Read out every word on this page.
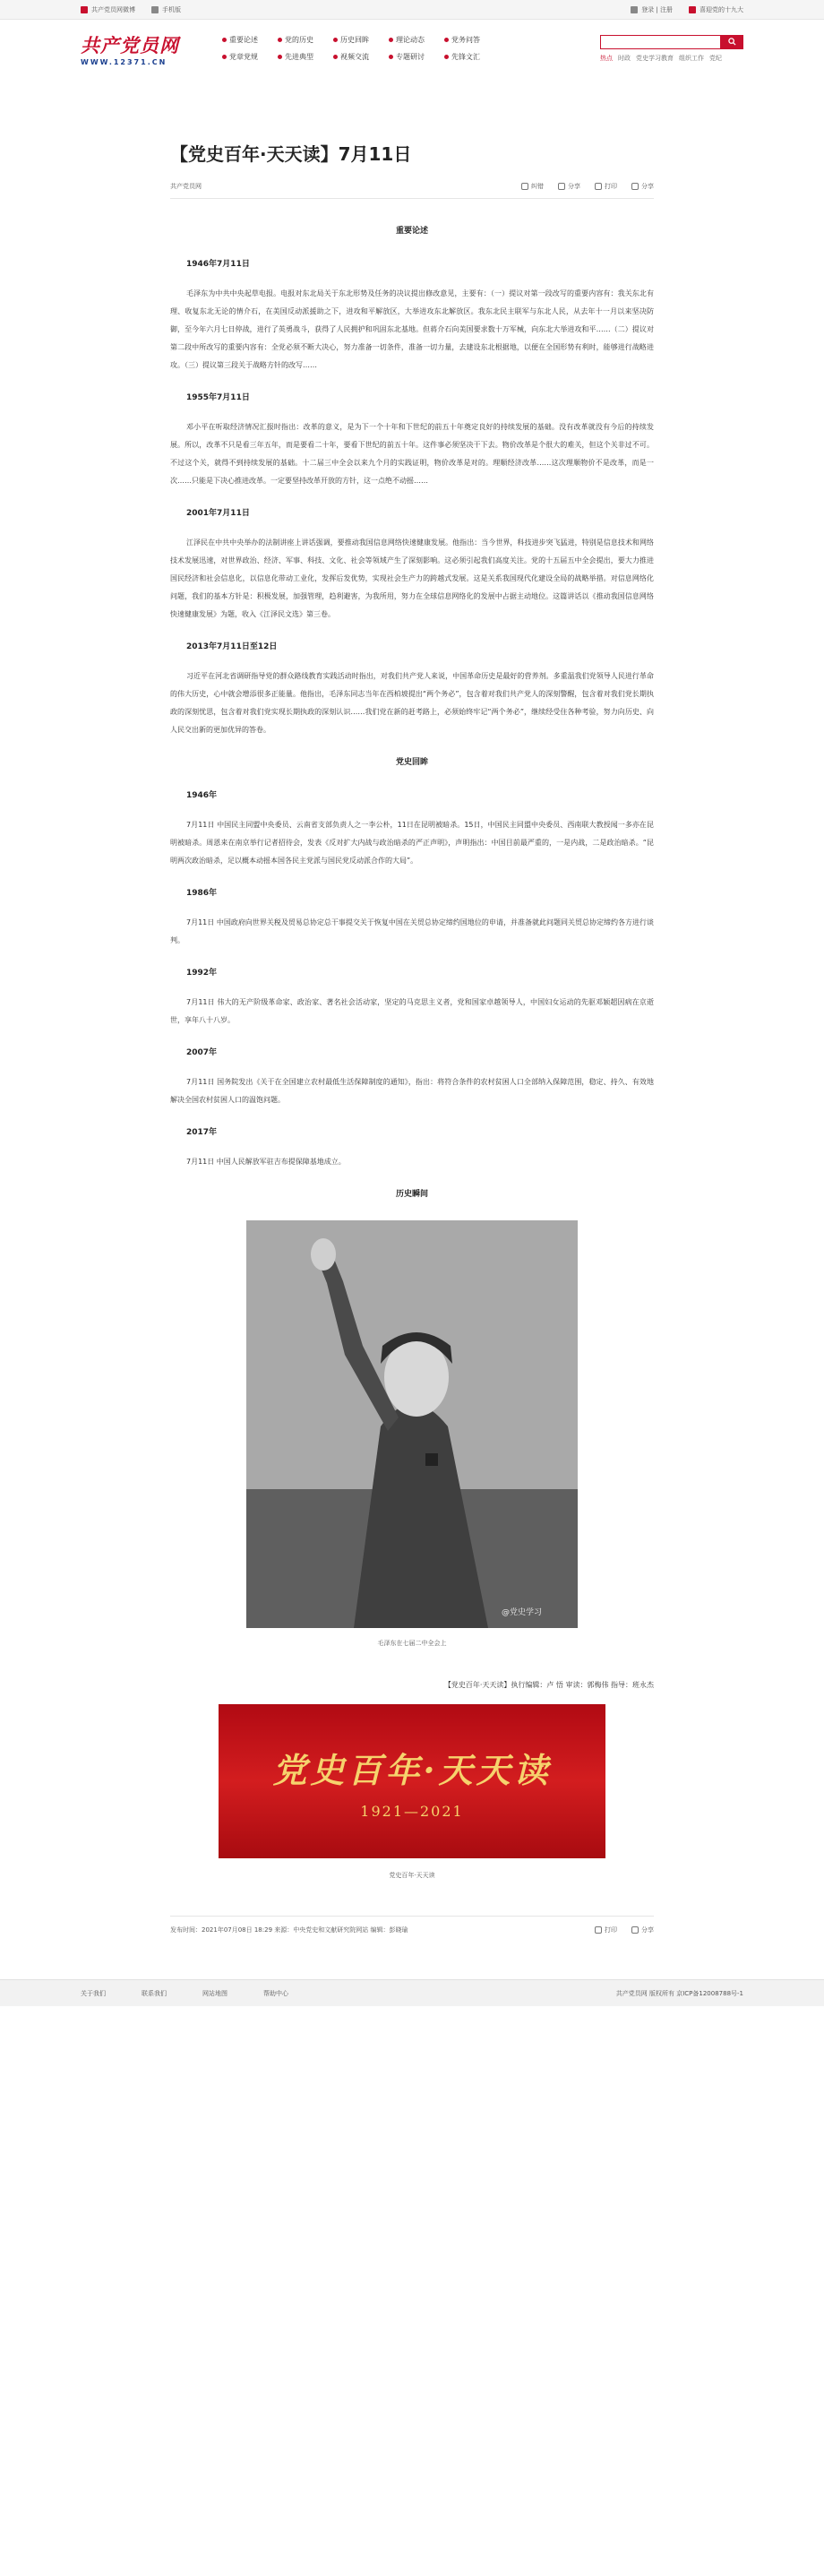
共产党员网微博	手机版	登录 | 注册	喜迎党的十九大
共产党员网
WWW.12371.CN
重要论述	党的历史	历史回眸	理论动态	党务问答
党章党规	先进典型	视频交流	专题研讨	先锋文汇	热点 时政 党史学习教育 组织工作 党纪
【党史百年·天天读】7月11日
共产党员网	纠错	分享	打印	分享
重要论述
1946年7月11日

毛泽东为中共中央起草电报。电报对东北局关于东北形势及任务的决议提出修改意见，主要有：（一）提议对第一段改写的重要内容有：我关东北有理、收复东北无论的情介石，在美国反动派援助之下，进攻和平解放区，大举进攻东北解放区。我东北民主联军与东北人民，从去年十一月以来坚决防御，至今年六月七日停战，进行了英勇战斗，获得了人民拥护和巩固东北基地。但蒋介石向美国要求数十万军械，向东北大举进攻和平……（二）提议对第二段中所改写的重要内容有：全党必须不断大决心，努力准备一切条件，准备一切力量，去建设东北根据地，以便在全国形势有利时，能够进行战略进攻。（三）提议第三段关于战略方针的改写……

1955年7月11日

邓小平在听取经济情况汇报时指出：改革的意义，是为下一个十年和下世纪的前五十年奠定良好的持续发展的基础。没有改革就没有今后的持续发展。所以，改革不只是看三年五年，而是要看二十年，要看下世纪的前五十年。这件事必须坚决干下去。物价改革是个很大的难关，但这个关非过不可。不过这个关，就得不到持续发展的基础。十二届三中全会以来九个月的实践证明，物价改革是对的。理顺经济改革……这次理顺物价不是改革，而是一次……只能是下决心推进改革。一定要坚持改革开放的方针，这一点绝不动摇……

2001年7月11日

江泽民在中共中央举办的法制讲座上讲话强调，要推动我国信息网络快速健康发展。他指出：当今世界，科技进步突飞猛进，特别是信息技术和网络技术发展迅速，对世界政治、经济、军事、科技、文化、社会等领域产生了深刻影响。这必须引起我们高度关注。党的十五届五中全会提出，要大力推进国民经济和社会信息化，以信息化带动工业化，发挥后发优势，实现社会生产力的跨越式发展。这是关系我国现代化建设全局的战略举措。对信息网络化问题，我们的基本方针是：积极发展，加强管理，趋利避害，为我所用，努力在全球信息网络化的发展中占据主动地位。这篇讲话以《推动我国信息网络快速健康发展》为题，收入《江泽民文选》第三卷。

2013年7月11日至12日

习近平在河北省调研指导党的群众路线教育实践活动时指出，对我们共产党人来说，中国革命历史是最好的营养剂。多重温我们党领导人民进行革命的伟大历史，心中就会增添很多正能量。他指出，毛泽东同志当年在西柏坡提出“两个务必”，包含着对我们共产党人的深刻警醒，包含着对我们党长期执政的深刻忧思，包含着对我们党实现长期执政的深刻认识……我们党在新的赶考路上，必须始终牢记“两个务必”，继续经受住各种考验，努力向历史、向人民交出新的更加优异的答卷。

党史回眸
1946年

7月11日 中国民主同盟中央委员、云南省支部负责人之一李公朴，11日在昆明被暗杀。15日，中国民主同盟中央委员、西南联大教授闻一多亦在昆明被暗杀。周恩来在南京举行记者招待会，发表《反对扩大内战与政治暗杀的严正声明》，声明指出：中国目前最严重的，一是内战，二是政治暗杀。“昆明两次政治暗杀，足以概本动摇本国各民主党派与国民党反动派合作的大局”。

1986年

7月11日 中国政府向世界关税及贸易总协定总干事提交关于恢复中国在关贸总协定缔约国地位的申请，并准备就此问题同关贸总协定缔约各方进行谈判。

1992年

7月11日 伟大的无产阶级革命家、政治家、著名社会活动家，坚定的马克思主义者，党和国家卓越领导人，中国妇女运动的先驱邓颖超因病在京逝世，享年八十八岁。

2007年

7月11日 国务院发出《关于在全国建立农村最低生活保障制度的通知》，指出：将符合条件的农村贫困人口全部纳入保障范围，稳定、持久、有效地解决全国农村贫困人口的温饱问题。

2017年

7月11日 中国人民解放军驻吉布提保障基地成立。

历史瞬间
@党史学习
毛泽东在七届二中全会上
【党史百年·天天读】执行编辑：卢 悟 审读：郭梅伟 指导：班永杰
党史百年·天天读
1921—2021
党史百年·天天读
发布时间：2021年07月08日 18:29 来源：中央党史和文献研究院网站 编辑：彭晓瑜	打印	分享
关于我们	联系我们	网站地图	帮助中心	共产党员网 版权所有 京ICP备12008788号-1
